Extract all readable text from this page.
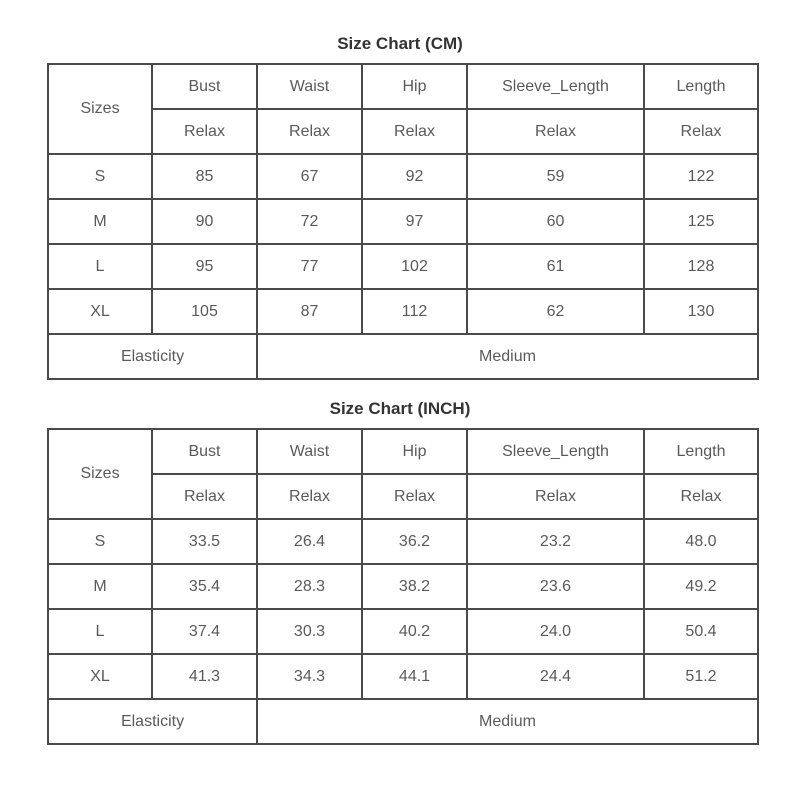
Size Chart (CM)
Sizes	Bust	Waist	Hip	Sleeve_Length	Length
	Relax	Relax	Relax	Relax	Relax
S	85	67	92	59	122
M	90	72	97	60	125
L	95	77	102	61	128
XL	105	87	112	62	130
Elasticity		Medium			
Size Chart (INCH)
Sizes	Bust	Waist	Hip	Sleeve_Length	Length
	Relax	Relax	Relax	Relax	Relax
S	33.5	26.4	36.2	23.2	48.0
M	35.4	28.3	38.2	23.6	49.2
L	37.4	30.3	40.2	24.0	50.4
XL	41.3	34.3	44.1	24.4	51.2
Elasticity		Medium			
